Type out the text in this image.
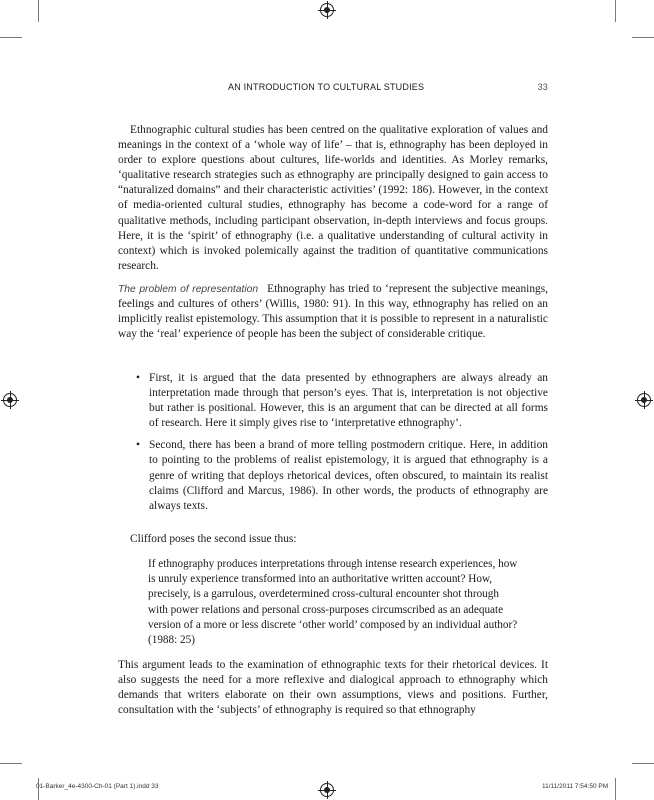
AN INTRODUCTION TO CULTURAL STUDIES	33

Ethnographic cultural studies has been centred on the qualitative exploration of values and meanings in the context of a ‘whole way of life’ – that is, ethnography has been deployed in order to explore questions about cultures, life-worlds and identities. As Morley remarks, ‘qualitative research strategies such as ethnography are principally designed to gain access to “naturalized domains” and their characteristic activities’ (1992: 186). However, in the context of media-oriented cultural studies, ethnography has become a code-word for a range of qualitative methods, including participant observation, in-depth interviews and focus groups. Here, it is the ‘spirit’ of ethnography (i.e. a qualitative understanding of cultural activity in context) which is invoked polemically against the tradition of quantitative communications research.

The problem of representation Ethnography has tried to ‘represent the subjective meanings, feelings and cultures of others’ (Willis, 1980: 91). In this way, ethnography has relied on an implicitly realist epistemology. This assumption that it is possible to represent in a naturalistic way the ‘real’ experience of people has been the subject of considerable critique.

• First, it is argued that the data presented by ethnographers are always already an interpretation made through that person’s eyes. That is, interpretation is not objective but rather is positional. However, this is an argument that can be directed at all forms of research. Here it simply gives rise to ‘interpretative ethnography’.
• Second, there has been a brand of more telling postmodern critique. Here, in addition to pointing to the problems of realist epistemology, it is argued that ethnography is a genre of writing that deploys rhetorical devices, often obscured, to maintain its realist claims (Clifford and Marcus, 1986). In other words, the products of ethnography are always texts.

Clifford poses the second issue thus:

If ethnography produces interpretations through intense research experiences, how is unruly experience transformed into an authoritative written account? How, precisely, is a garrulous, overdetermined cross-cultural encounter shot through with power relations and personal cross-purposes circumscribed as an adequate version of a more or less discrete ‘other world’ composed by an individual author? (1988: 25)

This argument leads to the examination of ethnographic texts for their rhetorical devices. It also suggests the need for a more reflexive and dialogical approach to ethnography which demands that writers elaborate on their own assumptions, views and positions. Further, consultation with the ‘subjects’ of ethnography is required so that ethnography

01-Barker_4e-4300-Ch-01 (Part 1).indd 33	11/11/2011 7:54:50 PM
